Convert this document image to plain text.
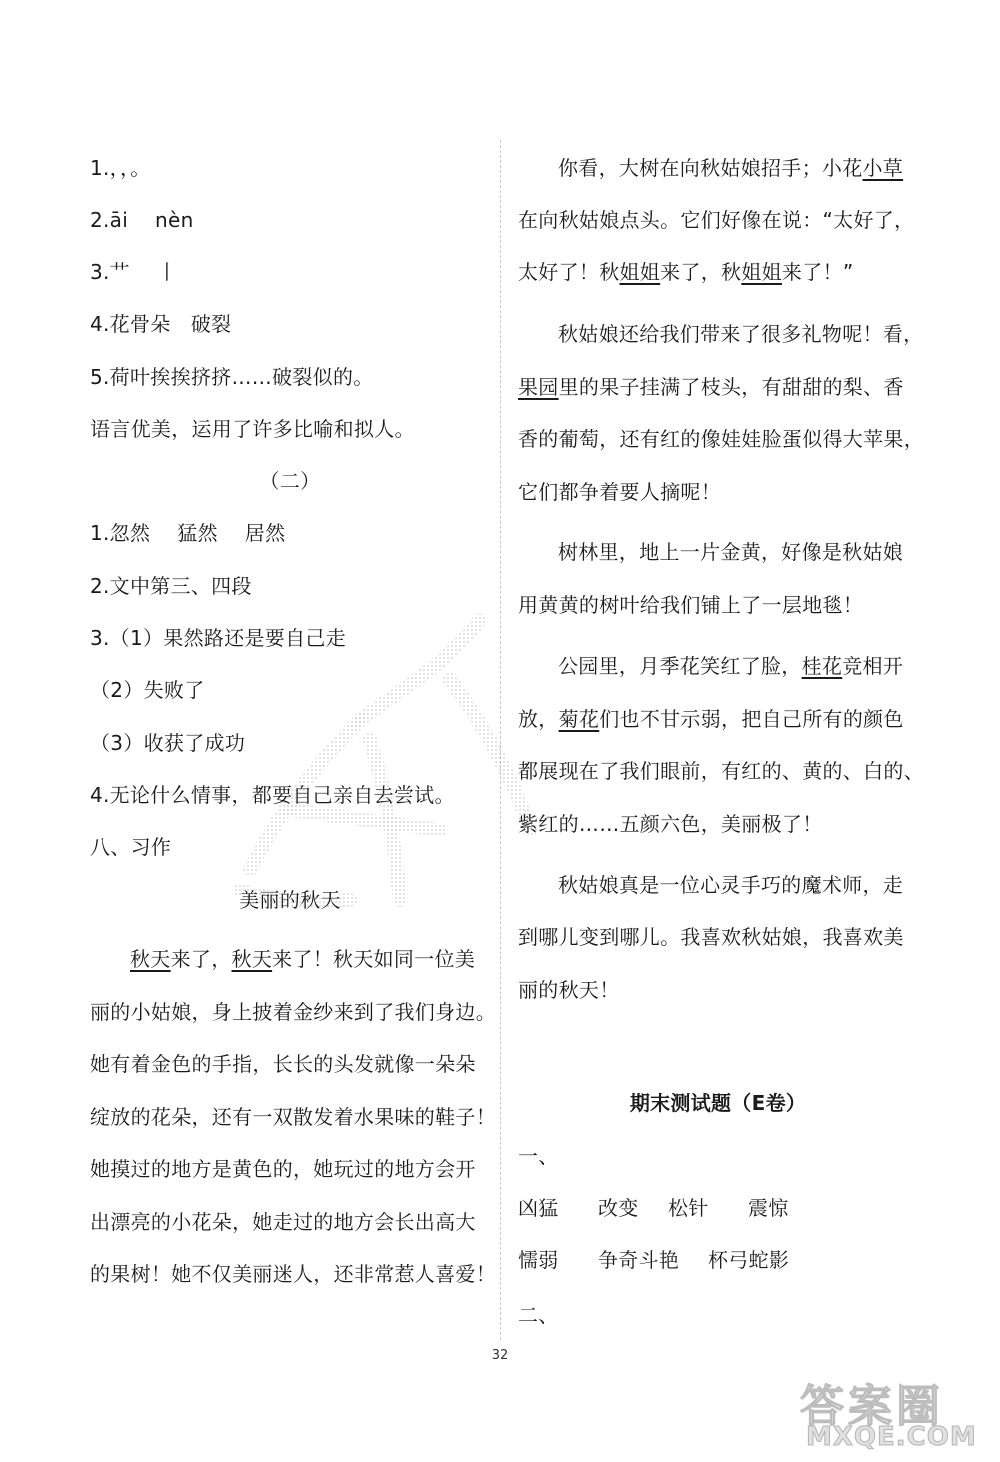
1.，，。
2.āi　 nèn
3.艹　 丨
4.花骨朵　破裂
5.荷叶挨挨挤挤……破裂似的。
语言优美，运用了许多比喻和拟人。
（二）
1.忽然　 猛然　 居然
2.文中第三、四段
3.（1）果然路还是要自己走
（2）失败了
（3）收获了成功
4.无论什么情事，都要自己亲自去尝试。
八、习作
美丽的秋天
秋天来了，秋天来了！秋天如同一位美
丽的小姑娘，身上披着金纱来到了我们身边。
她有着金色的手指，长长的头发就像一朵朵
绽放的花朵，还有一双散发着水果味的鞋子！
她摸过的地方是黄色的，她玩过的地方会开
出漂亮的小花朵，她走过的地方会长出高大
的果树！她不仅美丽迷人，还非常惹人喜爱！
你看，大树在向秋姑娘招手；小花小草
在向秋姑娘点头。它们好像在说：“太好了，
太好了！秋姐姐来了，秋姐姐来了！”
秋姑娘还给我们带来了很多礼物呢！看，
果园里的果子挂满了枝头，有甜甜的梨、香
香的葡萄，还有红的像娃娃脸蛋似得大苹果，
它们都争着要人摘呢！
树林里，地上一片金黄，好像是秋姑娘
用黄黄的树叶给我们铺上了一层地毯！
公园里，月季花笑红了脸，桂花竞相开
放，菊花们也不甘示弱，把自己所有的颜色
都展现在了我们眼前，有红的、黄的、白的、
紫红的……五颜六色，美丽极了！
秋姑娘真是一位心灵手巧的魔术师，走
到哪儿变到哪儿。我喜欢秋姑娘，我喜欢美
丽的秋天！
期末测试题（E卷）
一、
凶猛 改变 松针 震惊
懦弱 争奇斗艳 杯弓蛇影
二、
32
答案圈
MXQE.COM
